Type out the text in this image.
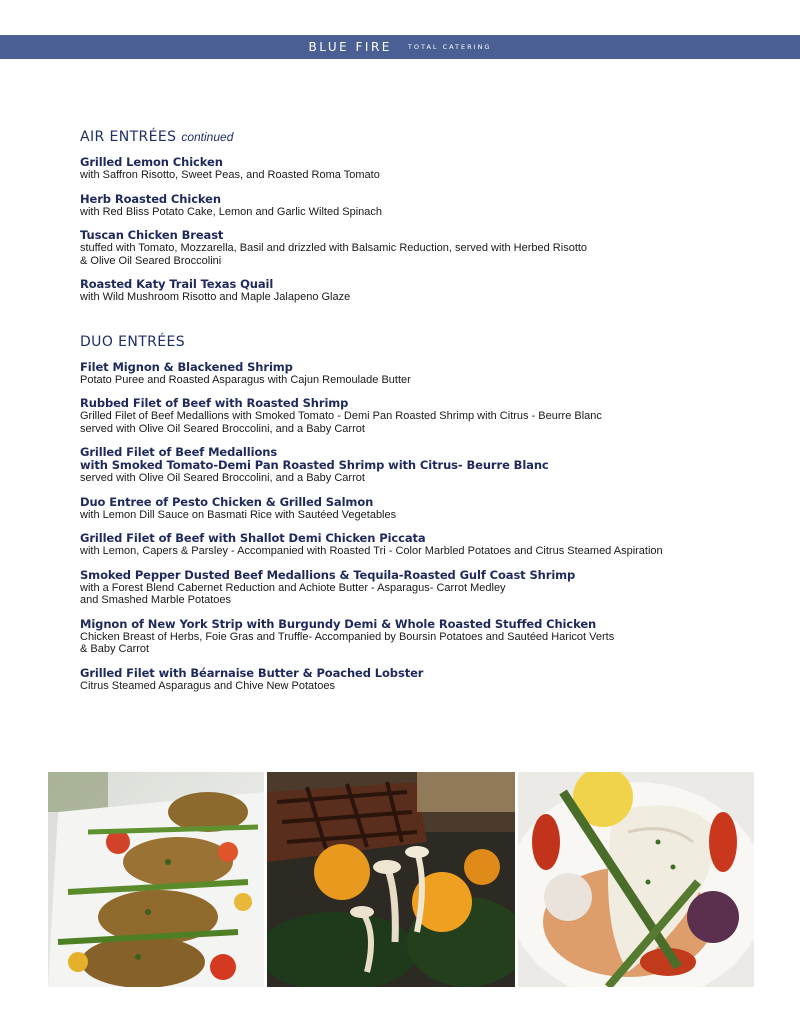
BLUE FIRE TOTAL CATERING
AIR ENTRÉES continued
Grilled Lemon Chicken
with Saffron Risotto, Sweet Peas, and Roasted Roma Tomato
Herb Roasted Chicken
with Red Bliss Potato Cake, Lemon and Garlic Wilted Spinach
Tuscan Chicken Breast
stuffed with Tomato, Mozzarella, Basil and drizzled with Balsamic Reduction, served with Herbed Risotto
& Olive Oil Seared Broccolini
Roasted Katy Trail Texas Quail
with Wild Mushroom Risotto and Maple Jalapeno Glaze
DUO ENTRÉES
Filet Mignon & Blackened Shrimp
Potato Puree and Roasted Asparagus with Cajun Remoulade Butter
Rubbed Filet of Beef with Roasted Shrimp
Grilled Filet of Beef Medallions with Smoked Tomato - Demi Pan Roasted Shrimp with Citrus - Beurre Blanc
served with Olive Oil Seared Broccolini, and a Baby Carrot
Grilled Filet of Beef Medallions
with Smoked Tomato-Demi Pan Roasted Shrimp with Citrus- Beurre Blanc
served with Olive Oil Seared Broccolini, and a Baby Carrot
Duo Entree of Pesto Chicken & Grilled Salmon
with Lemon Dill Sauce on Basmati Rice with Sautéed Vegetables
Grilled Filet of Beef with Shallot Demi Chicken Piccata
with Lemon, Capers & Parsley - Accompanied with Roasted Tri - Color Marbled Potatoes and Citrus Steamed Aspiration
Smoked Pepper Dusted Beef Medallions & Tequila-Roasted Gulf Coast Shrimp
with a Forest Blend Cabernet Reduction and Achiote Butter - Asparagus- Carrot Medley
and Smashed Marble Potatoes
Mignon of New York Strip with Burgundy Demi & Whole Roasted Stuffed Chicken
Chicken Breast of Herbs, Foie Gras and Truffle- Accompanied by Boursin Potatoes and Sautéed Haricot Verts
& Baby Carrot
Grilled Filet with Béarnaise Butter & Poached Lobster
Citrus Steamed Asparagus and Chive New Potatoes
